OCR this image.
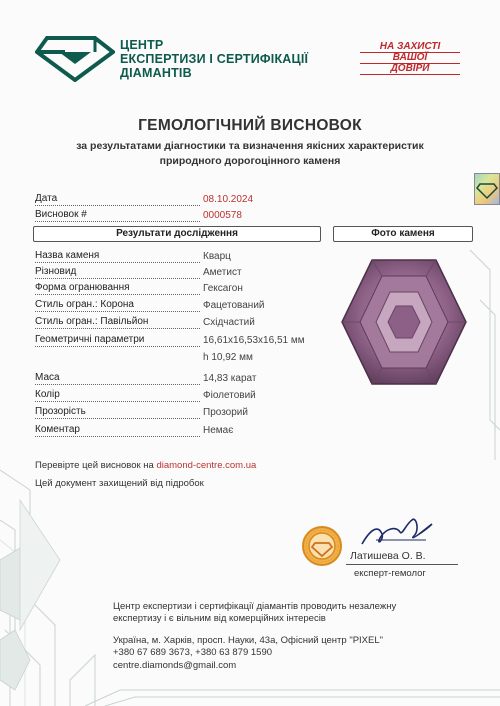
ЦЕНТР
ЕКСПЕРТИЗИ І СЕРТИФІКАЦІЇ
ДІАМАНТІВ
НА ЗАХИСТІ
ВАШОЇ
ДОВІРИ
ГЕМОЛОГІЧНИЙ ВИСНОВОК
за результатами діагностики та визначення якісних характеристик
природного дорогоцінного каменя
Дата	08.10.2024
Висновок #	0000578
Результати дослідження	Фото каменя
Назва каменя	Кварц
Різновид	Аметист
Форма огранювання	Гексагон
Стиль огран.: Корона	Фацетований
Стиль огран.: Павільйон	Східчастий
Геометричні параметри	16,61x16,53x16,51 мм
h 10,92 мм
Маса	14,83 карат
Колір	Фіолетовий
Прозорість	Прозорий
Коментар	Немає
Перевірте цей висновок на diamond-centre.com.ua
Цей документ захищений від підробок
Латишева О. В.
експерт-гемолог
Центр експертизи і сертифікації діамантів проводить незалежну
експертизу і є вільним від комерційних інтересів
Україна, м. Харків, просп. Науки, 43а, Офісний центр "PIXEL"
+380 67 689 3673, +380 63 879 1590
centre.diamonds@gmail.com
